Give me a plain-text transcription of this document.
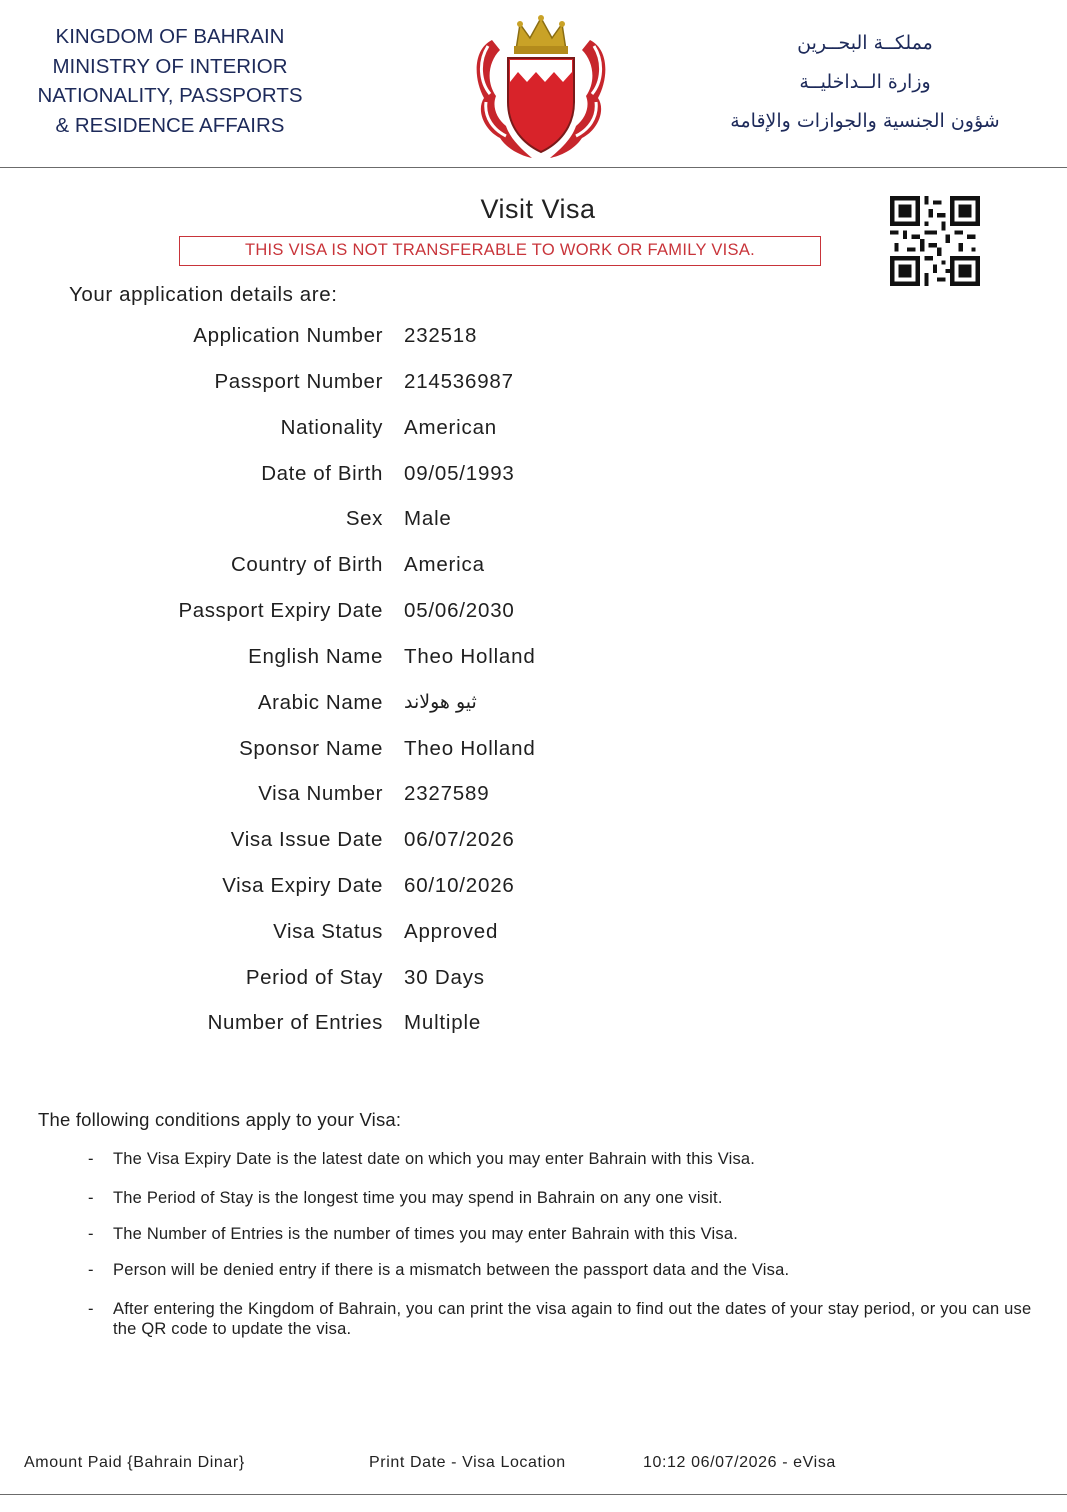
KINGDOM OF BAHRAIN
MINISTRY OF INTERIOR
NATIONALITY, PASSPORTS
& RESIDENCE AFFAIRS
مملكــة البحــرين
وزارة الــداخليــة
شؤون الجنسية والجوازات والإقامة
Visit Visa
THIS VISA IS NOT TRANSFERABLE TO WORK OR FAMILY VISA.
Your application details are:
Application Number 232518
Passport Number 214536987
Nationality American
Date of Birth 09/05/1993
Sex Male
Country of Birth America
Passport Expiry Date 05/06/2030
English Name Theo Holland
Arabic Name ثيو هولاند
Sponsor Name Theo Holland
Visa Number 2327589
Visa Issue Date 06/07/2026
Visa Expiry Date 60/10/2026
Visa Status Approved
Period of Stay 30 Days
Number of Entries Multiple
The following conditions apply to your Visa:
- The Visa Expiry Date is the latest date on which you may enter Bahrain with this Visa.
- The Period of Stay is the longest time you may spend in Bahrain on any one visit.
- The Number of Entries is the number of times you may enter Bahrain with this Visa.
- Person will be denied entry if there is a mismatch between the passport data and the Visa.
- After entering the Kingdom of Bahrain, you can print the visa again to find out the dates of your stay period, or you can use the QR code to update the visa.
Amount Paid {Bahrain Dinar}	Print Date - Visa Location	10:12 06/07/2026 - eVisa
